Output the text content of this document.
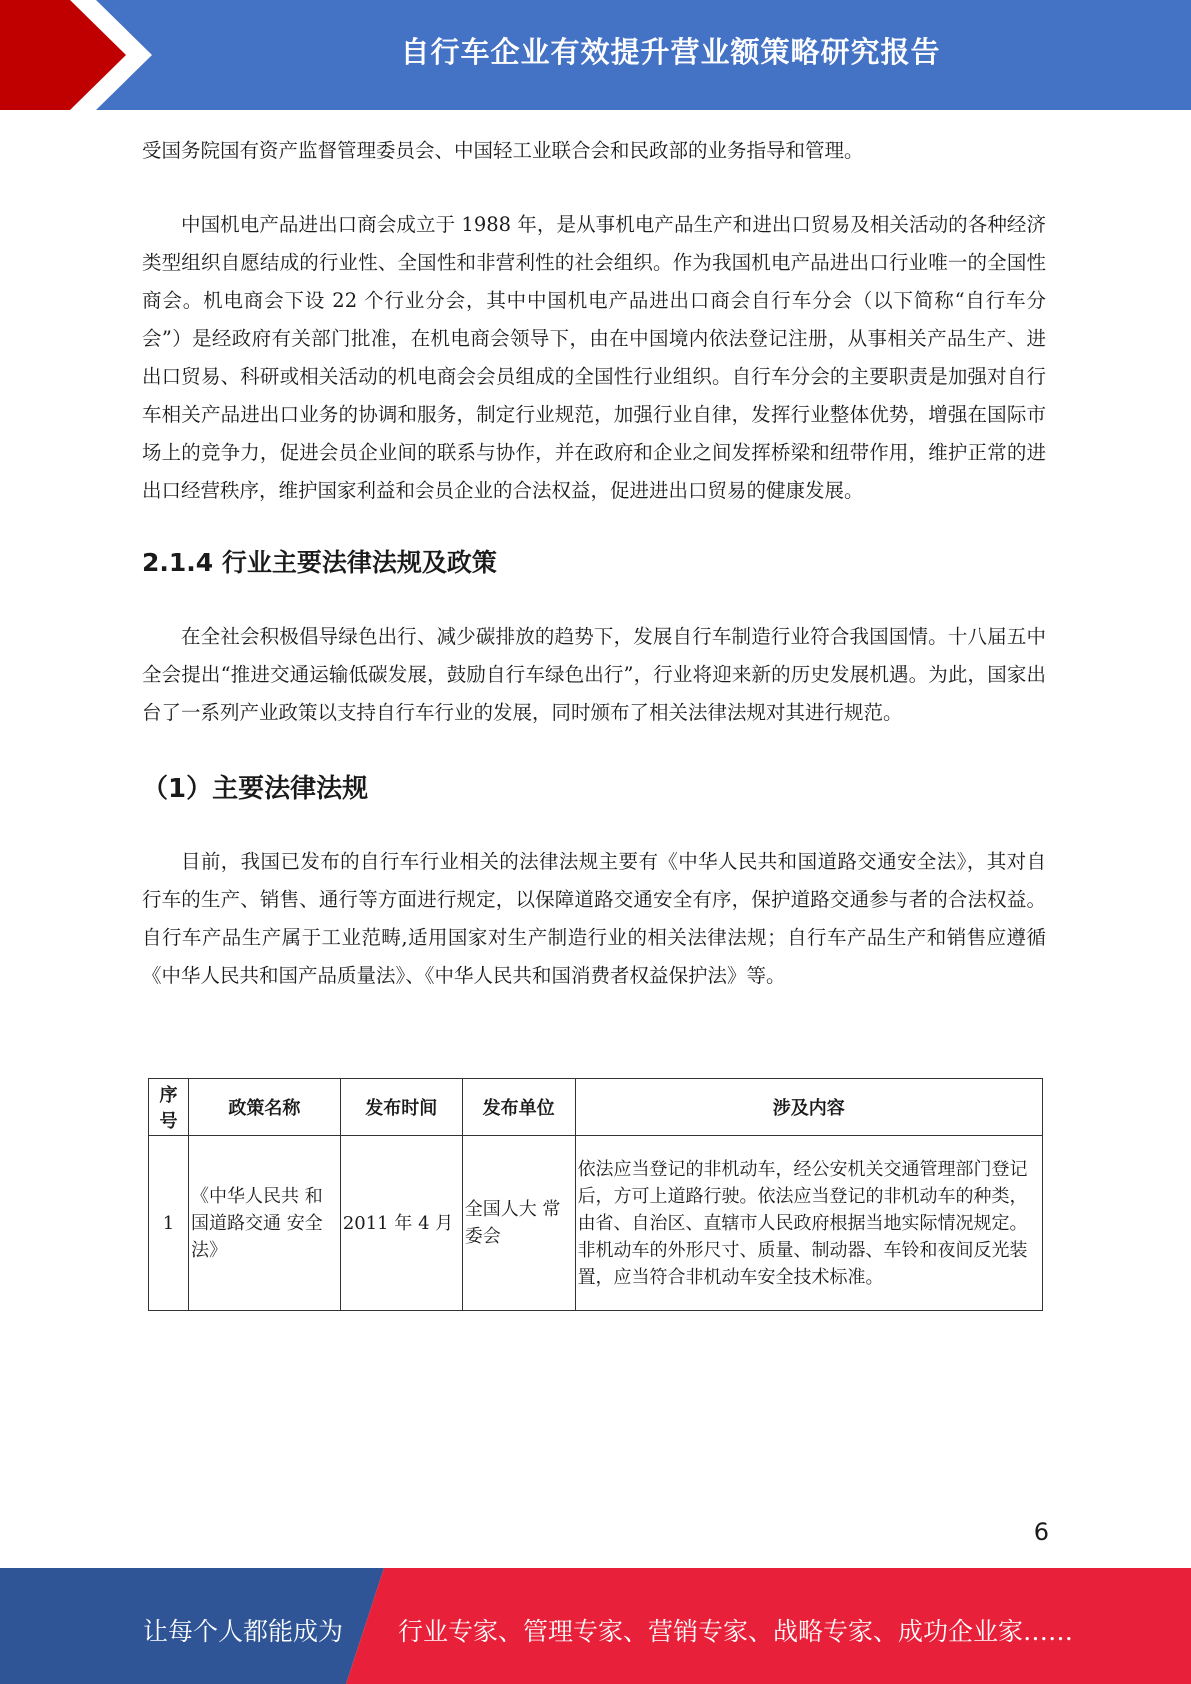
自行车企业有效提升营业额策略研究报告

受国务院国有资产监督管理委员会、中国轻工业联合会和民政部的业务指导和管理。

中国机电产品进出口商会成立于 1988 年，是从事机电产品生产和进出口贸易及相关活动的各种经济类型组织自愿结成的行业性、全国性和非营利性的社会组织。作为我国机电产品进出口行业唯一的全国性商会。机电商会下设 22 个行业分会，其中中国机电产品进出口商会自行车分会（以下简称“自行车分会”）是经政府有关部门批准，在机电商会领导下，由在中国境内依法登记注册，从事相关产品生产、进出口贸易、科研或相关活动的机电商会会员组成的全国性行业组织。自行车分会的主要职责是加强对自行车相关产品进出口业务的协调和服务，制定行业规范，加强行业自律，发挥行业整体优势，增强在国际市场上的竞争力，促进会员企业间的联系与协作，并在政府和企业之间发挥桥梁和纽带作用，维护正常的进出口经营秩序，维护国家利益和会员企业的合法权益，促进进出口贸易的健康发展。

2.1.4 行业主要法律法规及政策

在全社会积极倡导绿色出行、减少碳排放的趋势下，发展自行车制造行业符合我国国情。十八届五中全会提出“推进交通运输低碳发展，鼓励自行车绿色出行”，行业将迎来新的历史发展机遇。为此，国家出台了一系列产业政策以支持自行车行业的发展，同时颁布了相关法律法规对其进行规范。

（1）主要法律法规

目前，我国已发布的自行车行业相关的法律法规主要有《中华人民共和国道路交通安全法》，其对自行车的生产、销售、通行等方面进行规定，以保障道路交通安全有序，保护道路交通参与者的合法权益。自行车产品生产属于工业范畴,适用国家对生产制造行业的相关法律法规；自行车产品生产和销售应遵循《中华人民共和国产品质量法》、《中华人民共和国消费者权益保护法》等。

序号	政策名称	发布时间	发布单位	涉及内容
1	《中华人民共 和国道路交通 安全法》	2011 年 4 月	全国人大 常委会	依法应当登记的非机动车，经公安机关交通管理部门登记后，方可上道路行驶。依法应当登记的非机动车的种类，由省、自治区、直辖市人民政府根据当地实际情况规定。非机动车的外形尺寸、质量、制动器、车铃和夜间反光装置，应当符合非机动车安全技术标准。
6
让每个人都能成为 行业专家、管理专家、营销专家、战略专家、成功企业家……
